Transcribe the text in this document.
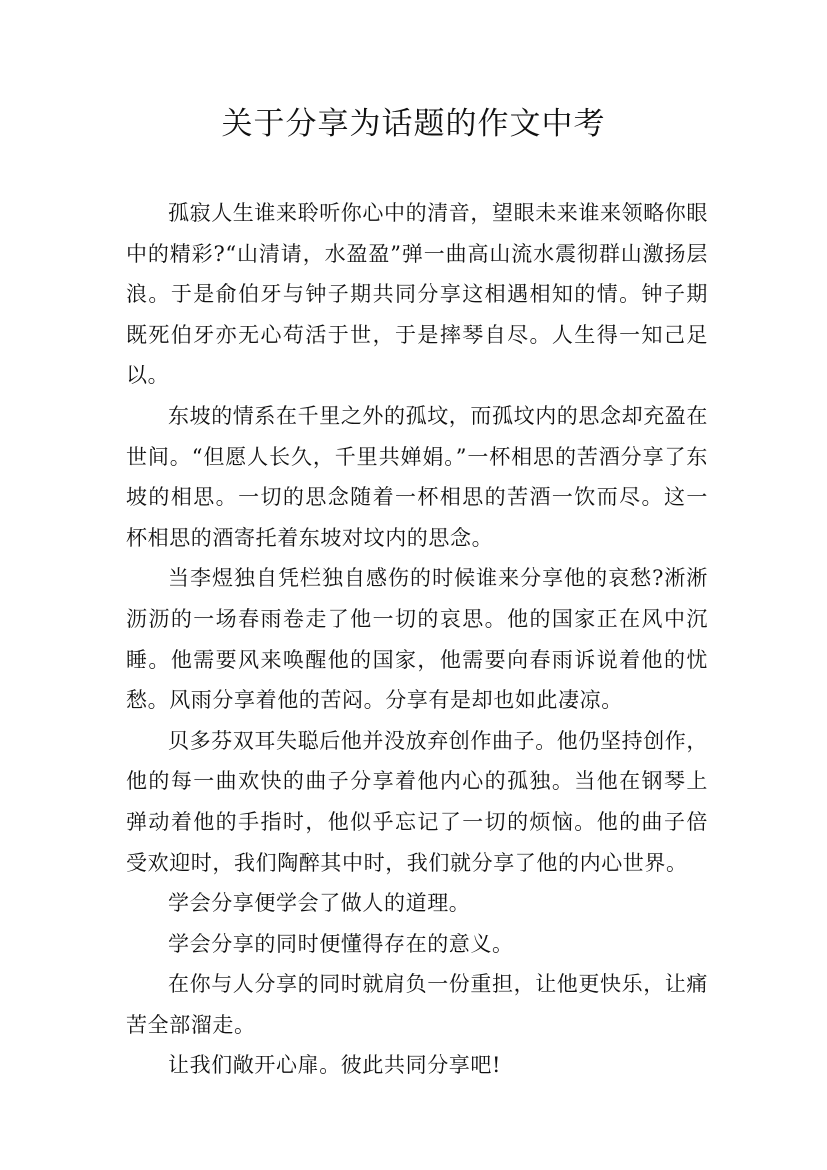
关于分享为话题的作文中考

孤寂人生谁来聆听你心中的清音，望眼未来谁来领略你眼中的精彩?“山清请，水盈盈”弹一曲高山流水震彻群山激扬层浪。于是俞伯牙与钟子期共同分享这相遇相知的情。钟子期既死伯牙亦无心苟活于世，于是摔琴自尽。人生得一知己足以。

东坡的情系在千里之外的孤坟，而孤坟内的思念却充盈在世间。“但愿人长久，千里共婵娟。”一杯相思的苦酒分享了东坡的相思。一切的思念随着一杯相思的苦酒一饮而尽。这一杯相思的酒寄托着东坡对坟内的思念。

当李煜独自凭栏独自感伤的时候谁来分享他的哀愁?淅淅沥沥的一场春雨卷走了他一切的哀思。他的国家正在风中沉睡。他需要风来唤醒他的国家，他需要向春雨诉说着他的忧愁。风雨分享着他的苦闷。分享有是却也如此凄凉。

贝多芬双耳失聪后他并没放弃创作曲子。他仍坚持创作，他的每一曲欢快的曲子分享着他内心的孤独。当他在钢琴上弹动着他的手指时，他似乎忘记了一切的烦恼。他的曲子倍受欢迎时，我们陶醉其中时，我们就分享了他的内心世界。

学会分享便学会了做人的道理。

学会分享的同时便懂得存在的意义。

在你与人分享的同时就肩负一份重担，让他更快乐，让痛苦全部溜走。

让我们敞开心扉。彼此共同分享吧!
